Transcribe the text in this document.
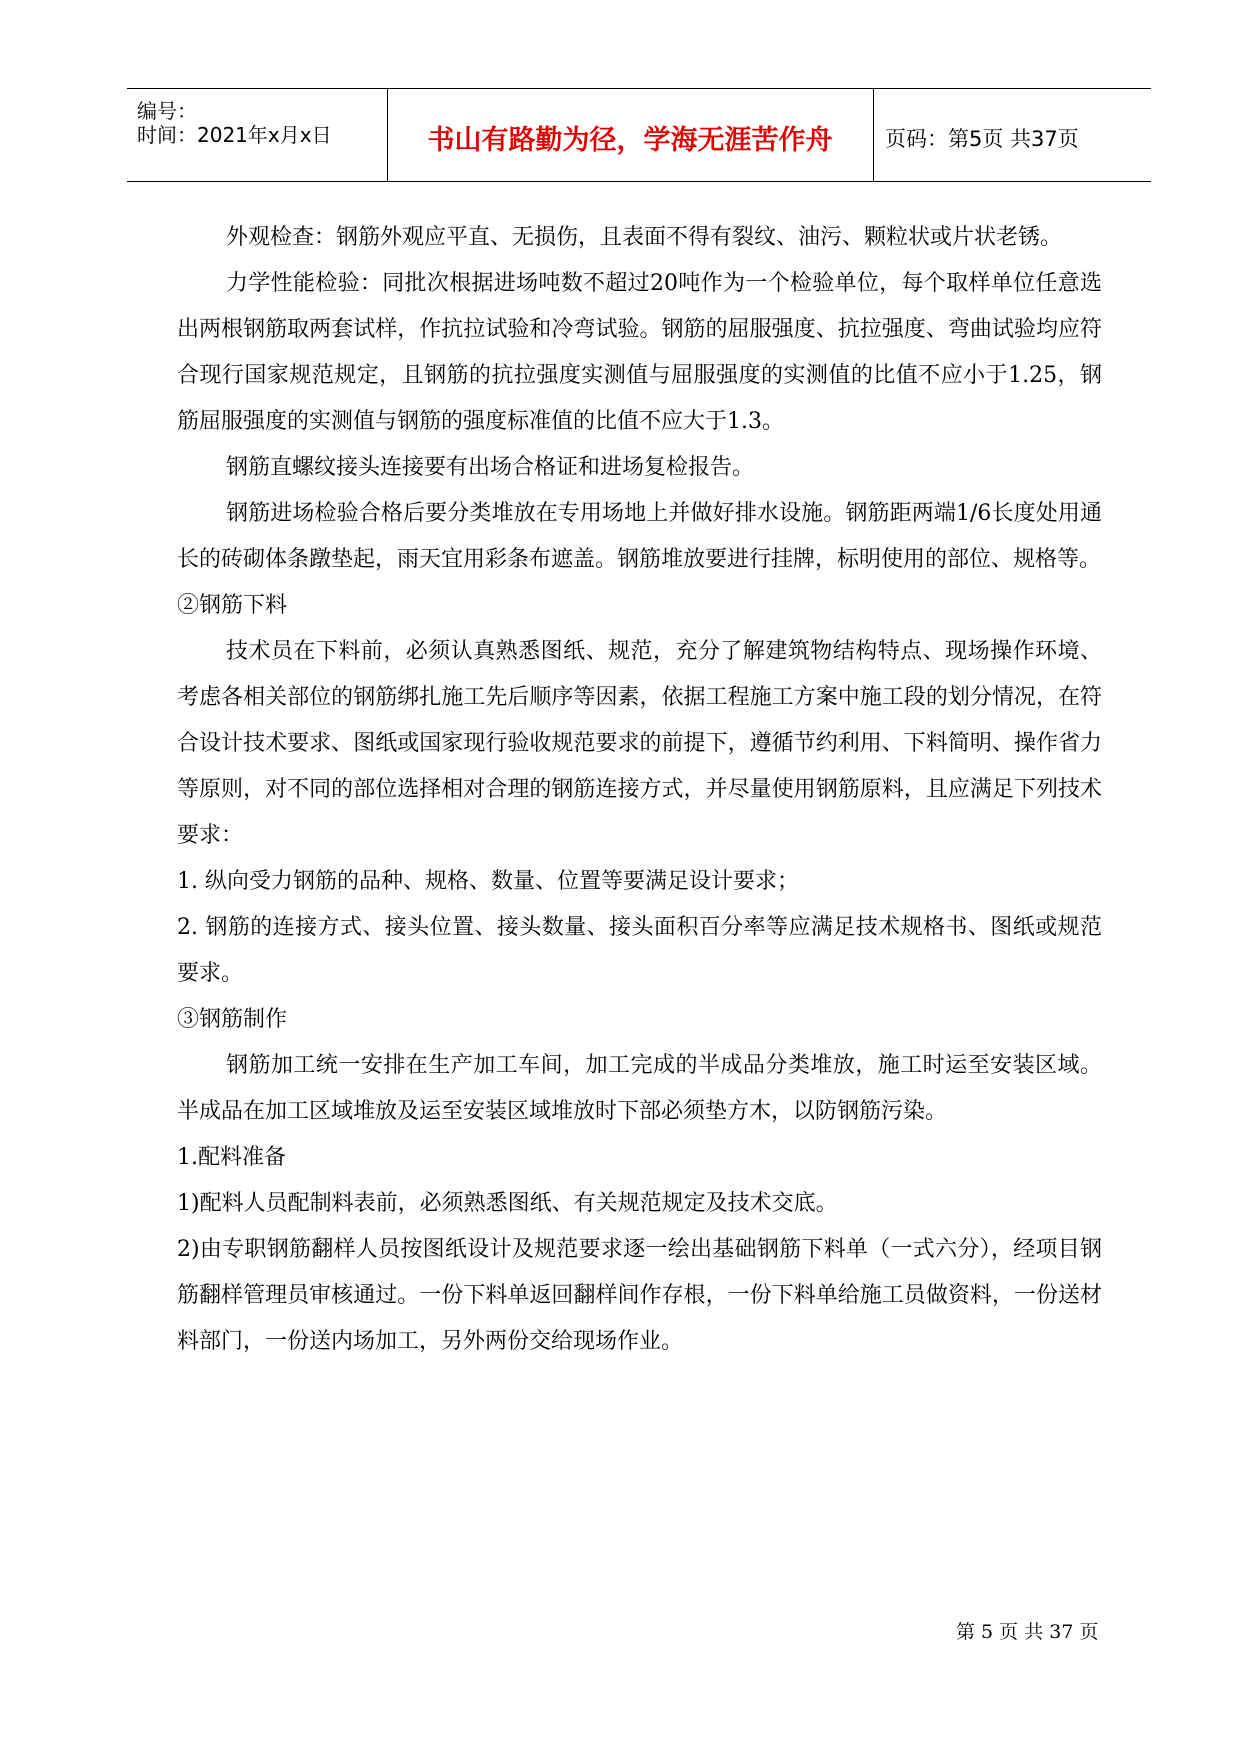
编号：
时间：2021年x月x日	书山有路勤为径，学海无涯苦作舟	页码：第5页 共37页

外观检查：钢筋外观应平直、无损伤，且表面不得有裂纹、油污、颗粒状或片状老锈。

力学性能检验：同批次根据进场吨数不超过20吨作为一个检验单位，每个取样单位任意选出两根钢筋取两套试样，作抗拉试验和冷弯试验。钢筋的屈服强度、抗拉强度、弯曲试验均应符合现行国家规范规定，且钢筋的抗拉强度实测值与屈服强度的实测值的比值不应小于1.25，钢筋屈服强度的实测值与钢筋的强度标准值的比值不应大于1.3。

钢筋直螺纹接头连接要有出场合格证和进场复检报告。

钢筋进场检验合格后要分类堆放在专用场地上并做好排水设施。钢筋距两端1/6长度处用通长的砖砌体条蹾垫起，雨天宜用彩条布遮盖。钢筋堆放要进行挂牌，标明使用的部位、规格等。

②钢筋下料

技术员在下料前，必须认真熟悉图纸、规范，充分了解建筑物结构特点、现场操作环境、考虑各相关部位的钢筋绑扎施工先后顺序等因素，依据工程施工方案中施工段的划分情况，在符合设计技术要求、图纸或国家现行验收规范要求的前提下，遵循节约利用、下料简明、操作省力等原则，对不同的部位选择相对合理的钢筋连接方式，并尽量使用钢筋原料，且应满足下列技术要求：

1. 纵向受力钢筋的品种、规格、数量、位置等要满足设计要求；

2. 钢筋的连接方式、接头位置、接头数量、接头面积百分率等应满足技术规格书、图纸或规范要求。

③钢筋制作

钢筋加工统一安排在生产加工车间，加工完成的半成品分类堆放，施工时运至安装区域。半成品在加工区域堆放及运至安装区域堆放时下部必须垫方木，以防钢筋污染。

1.配料准备

1)配料人员配制料表前，必须熟悉图纸、有关规范规定及技术交底。

2)由专职钢筋翻样人员按图纸设计及规范要求逐一绘出基础钢筋下料单（一式六分），经项目钢筋翻样管理员审核通过。一份下料单返回翻样间作存根，一份下料单给施工员做资料，一份送材料部门，一份送内场加工，另外两份交给现场作业。

第 5 页 共 37 页
